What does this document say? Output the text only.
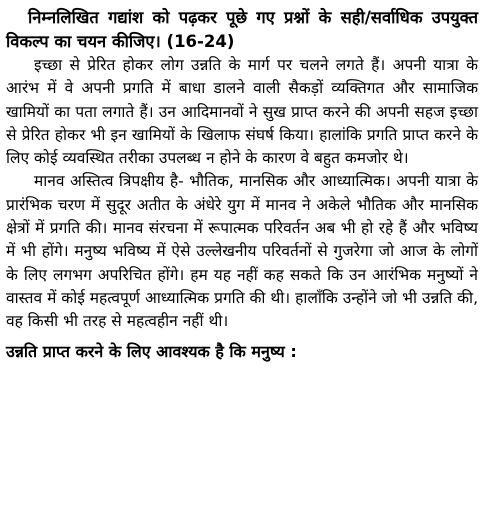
निम्नलिखित गद्यांश को पढ़कर पूछे गए प्रश्नों के सही/सर्वाधिक उपयुक्त विकल्प का चयन कीजिए। (16-24)

इच्छा से प्रेरित होकर लोग उन्नति के मार्ग पर चलने लगते हैं। अपनी यात्रा के आरंभ में वे अपनी प्रगति में बाधा डालने वाली सैकड़ों व्यक्तिगत और सामाजिक खामियों का पता लगाते हैं। उन आदिमानवों ने सुख प्राप्त करने की अपनी सहज इच्छा से प्रेरित होकर भी इन खामियों के खिलाफ संघर्ष किया। हालांकि प्रगति प्राप्त करने के लिए कोई व्यवस्थित तरीका उपलब्ध न होने के कारण वे बहुत कमजोर थे।

मानव अस्तित्व त्रिपक्षीय है- भौतिक, मानसिक और आध्यात्मिक। अपनी यात्रा के प्रारंभिक चरण में सुदूर अतीत के अंधेरे युग में मानव ने अकेले भौतिक और मानसिक क्षेत्रों में प्रगति की। मानव संरचना में रूपात्मक परिवर्तन अब भी हो रहे हैं और भविष्य में भी होंगे। मनुष्य भविष्य में ऐसे उल्लेखनीय परिवर्तनों से गुजरेगा जो आज के लोगों के लिए लगभग अपरिचित होंगे। हम यह नहीं कह सकते कि उन आरंभिक मनुष्यों ने वास्तव में कोई महत्वपूर्ण आध्यात्मिक प्रगति की थी। हालाँकि उन्होंने जो भी उन्नति की, वह किसी भी तरह से महत्वहीन नहीं थी।

उन्नति प्राप्त करने के लिए आवश्यक है कि मनुष्य :
